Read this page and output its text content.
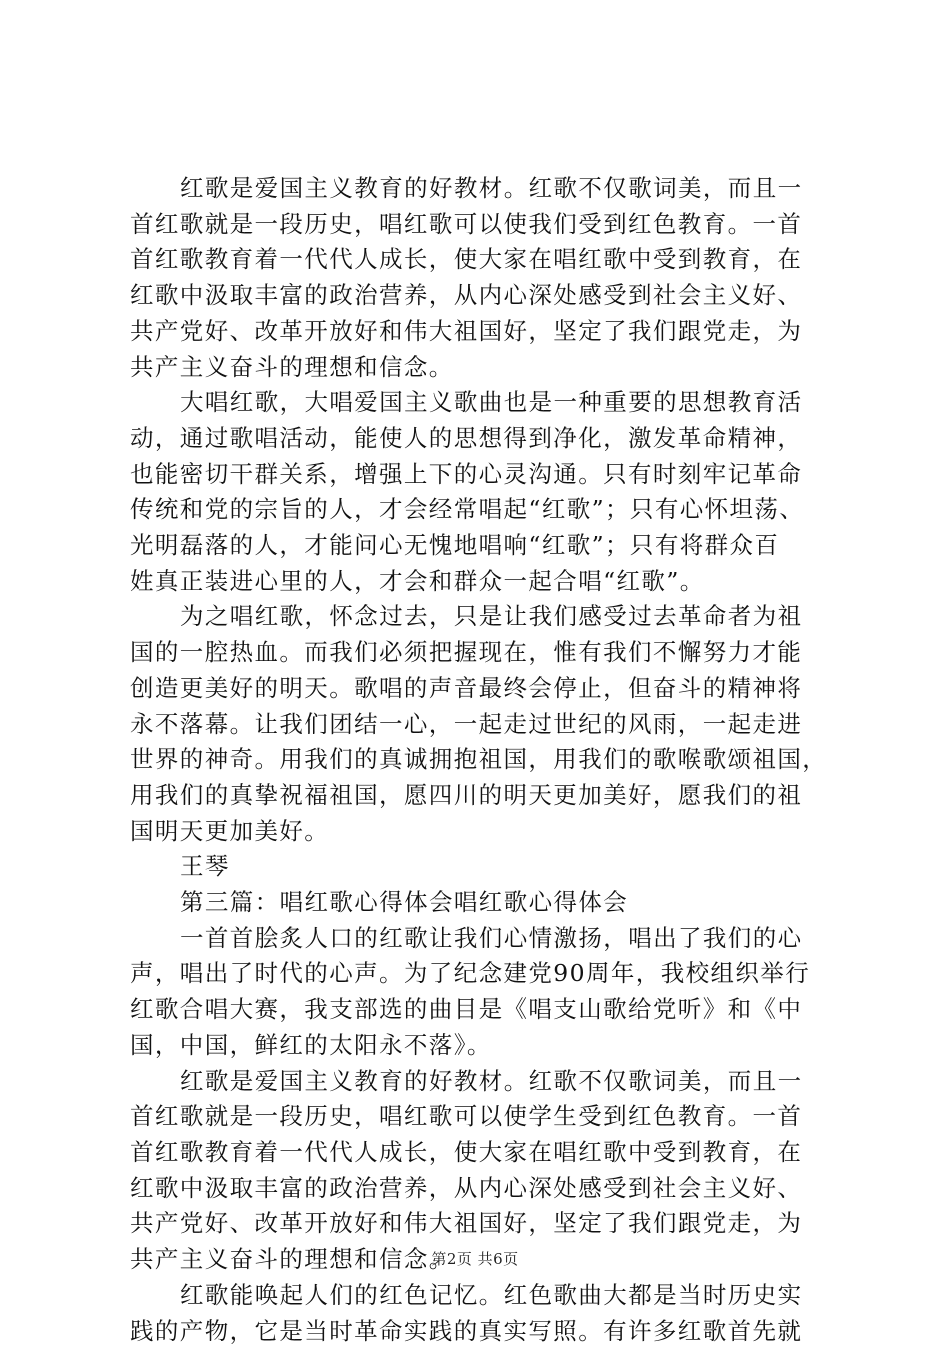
红歌是爱国主义教育的好教材。红歌不仅歌词美，而且一
首红歌就是一段历史，唱红歌可以使我们受到红色教育。一首
首红歌教育着一代代人成长，使大家在唱红歌中受到教育，在
红歌中汲取丰富的政治营养，从内心深处感受到社会主义好、
共产党好、改革开放好和伟大祖国好，坚定了我们跟党走，为
共产主义奋斗的理想和信念。
大唱红歌，大唱爱国主义歌曲也是一种重要的思想教育活
动，通过歌唱活动，能使人的思想得到净化，激发革命精神，
也能密切干群关系，增强上下的心灵沟通。只有时刻牢记革命
传统和党的宗旨的人，才会经常唱起“红歌”；只有心怀坦荡、
光明磊落的人，才能问心无愧地唱响“红歌”；只有将群众百
姓真正装进心里的人，才会和群众一起合唱“红歌”。
为之唱红歌，怀念过去，只是让我们感受过去革命者为祖
国的一腔热血。而我们必须把握现在，惟有我们不懈努力才能
创造更美好的明天。歌唱的声音最终会停止，但奋斗的精神将
永不落幕。让我们团结一心，一起走过世纪的风雨，一起走进
世界的神奇。用我们的真诚拥抱祖国，用我们的歌喉歌颂祖国，
用我们的真挚祝福祖国，愿四川的明天更加美好，愿我们的祖
国明天更加美好。
王琴
第三篇：唱红歌心得体会唱红歌心得体会
一首首脍炙人口的红歌让我们心情激扬，唱出了我们的心
声，唱出了时代的心声。为了纪念建党90周年，我校组织举行
红歌合唱大赛，我支部选的曲目是《唱支山歌给党听》和《中
国，中国，鲜红的太阳永不落》。
红歌是爱国主义教育的好教材。红歌不仅歌词美，而且一
首红歌就是一段历史，唱红歌可以使学生受到红色教育。一首
首红歌教育着一代代人成长，使大家在唱红歌中受到教育，在
红歌中汲取丰富的政治营养，从内心深处感受到社会主义好、
共产党好、改革开放好和伟大祖国好，坚定了我们跟党走，为
共产主义奋斗的理想和信念。
红歌能唤起人们的红色记忆。红色歌曲大都是当时历史实
践的产物，它是当时革命实践的真实写照。有许多红歌首先就
第2页 共6页
